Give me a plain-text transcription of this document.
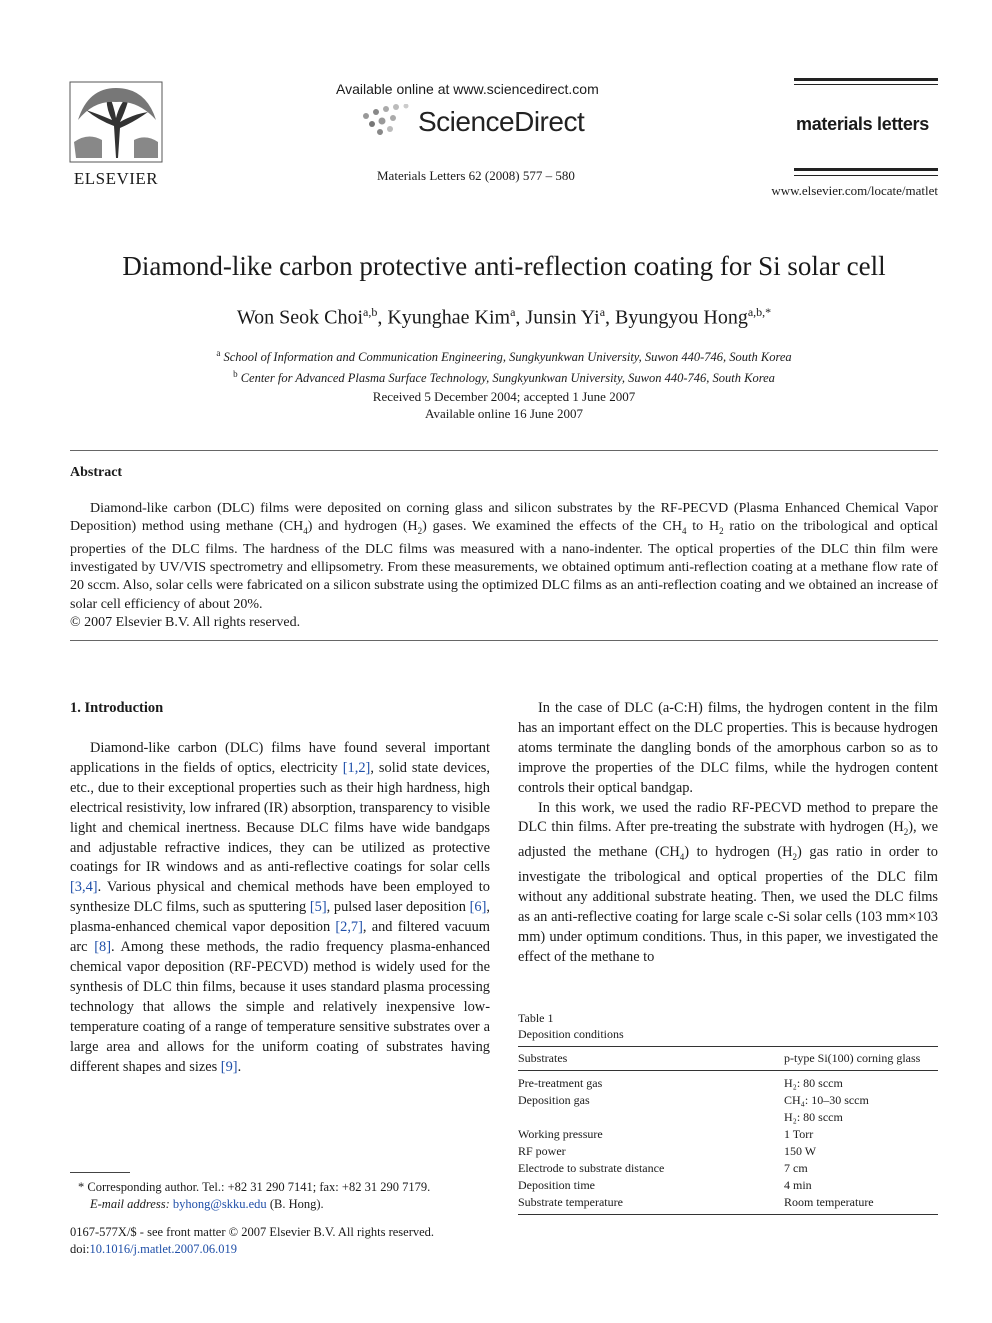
ELSEVIER
Available online at www.sciencedirect.com
ScienceDirect
Materials Letters 62 (2008) 577 – 580
materials letters
www.elsevier.com/locate/matlet
Diamond-like carbon protective anti-reflection coating for Si solar cell
Won Seok Choi$^{a,b}$, Kyunghae Kim$^a$, Junsin Yi$^a$, Byungyou Hong$^{a,b,*}$
$^a$ School of Information and Communication Engineering, Sungkyunkwan University, Suwon 440-746, South Korea
$^b$ Center for Advanced Plasma Surface Technology, Sungkyunkwan University, Suwon 440-746, South Korea
Received 5 December 2004; accepted 1 June 2007
Available online 16 June 2007
Abstract

Diamond-like carbon (DLC) films were deposited on corning glass and silicon substrates by the RF-PECVD (Plasma Enhanced Chemical Vapor Deposition) method using methane $(CH_4)$ and hydrogen $(H_2)$ gases. We examined the effects of the $CH_4$ to $H_2$ ratio on the tribological and optical properties of the DLC films. The hardness of the DLC films was measured with a nano-indenter. The optical properties of the DLC thin film were investigated by UV/VIS spectrometry and ellipsometry. From these measurements, we obtained optimum anti-reflection coating at a methane flow rate of 20 sccm. Also, solar cells were fabricated on a silicon substrate using the optimized DLC films as an anti-reflection coating and we obtained an increase of solar cell efficiency of about 20%.

© 2007 Elsevier B.V. All rights reserved.

1. Introduction

Diamond-like carbon (DLC) films have found several important applications in the fields of optics, electricity [1,2], solid state devices, etc., due to their exceptional properties such as their high hardness, high electrical resistivity, low infrared (IR) absorption, transparency to visible light and chemical inertness. Because DLC films have wide bandgaps and adjustable refractive indices, they can be utilized as protective coatings for IR windows and as anti-reflective coatings for solar cells [3,4]. Various physical and chemical methods have been employed to synthesize DLC films, such as sputtering [5], pulsed laser deposition [6], plasma-enhanced chemical vapor deposition [2,7], and filtered vacuum arc [8]. Among these methods, the radio frequency plasma-enhanced chemical vapor deposition (RF-PECVD) method is widely used for the synthesis of DLC thin films, because it uses standard plasma processing technology that allows the simple and relatively inexpensive low-temperature coating of a range of temperature sensitive substrates over a large area and allows for the uniform coating of substrates having different shapes and sizes [9].

* Corresponding author. Tel.: +82 31 290 7141; fax: +82 31 290 7179.
E-mail address: byhong@skku.edu (B. Hong).
0167-577X/$ - see front matter © 2007 Elsevier B.V. All rights reserved.
doi:10.1016/j.matlet.2007.06.019

In the case of DLC (a-C:H) films, the hydrogen content in the film has an important effect on the DLC properties. This is because hydrogen atoms terminate the dangling bonds of the amorphous carbon so as to improve the properties of the DLC films, while the hydrogen content controls their optical bandgap.

In this work, we used the radio RF-PECVD method to prepare the DLC thin films. After pre-treating the substrate with hydrogen $(H_2)$, we adjusted the methane $(CH_4)$ to hydrogen $(H_2)$ gas ratio in order to investigate the tribological and optical properties of the DLC film without any additional substrate heating. Then, we used the DLC films as an anti-reflective coating for large scale c-Si solar cells (103 mm×103 mm) under optimum conditions. Thus, in this paper, we investigated the effect of the methane to

Table 1
Deposition conditions
Substrates	p-type Si(100) corning glass
Pre-treatment gas	H₂: 80 sccm
Deposition gas	CH₄: 10–30 sccm
H₂: 80 sccm
Working pressure	1 Torr
RF power	150 W
Electrode to substrate distance	7 cm
Deposition time	4 min
Substrate temperature	Room temperature
